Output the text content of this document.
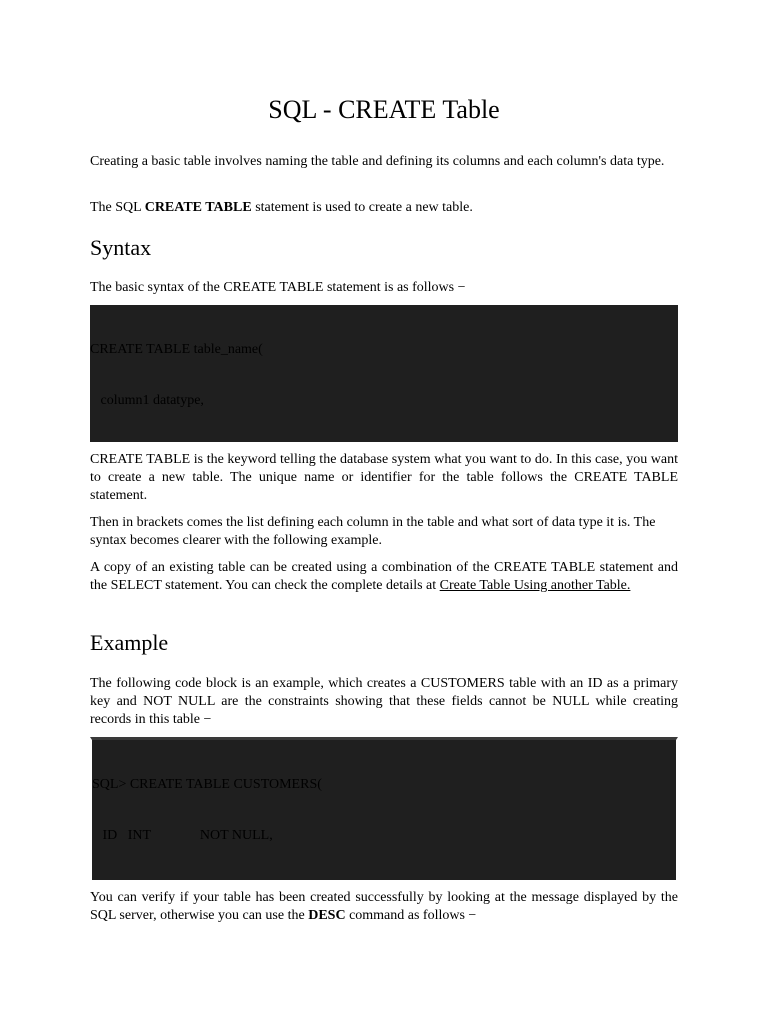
SQL - CREATE Table

Creating a basic table involves naming the table and defining its columns and each column's data type.

The SQL CREATE TABLE statement is used to create a new table.

Syntax

The basic syntax of the CREATE TABLE statement is as follows −

CREATE TABLE table_name(

column1 datatype,

CREATE TABLE is the keyword telling the database system what you want to do. In this case, you want to create a new table. The unique name or identifier for the table follows the CREATE TABLE statement.

Then in brackets comes the list defining each column in the table and what sort of data type it is. The syntax becomes clearer with the following example.

A copy of an existing table can be created using a combination of the CREATE TABLE statement and the SELECT statement. You can check the complete details at Create Table Using another Table.

Example

The following code block is an example, which creates a CUSTOMERS table with an ID as a primary key and NOT NULL are the constraints showing that these fields cannot be NULL while creating records in this table −

SQL> CREATE TABLE CUSTOMERS(

ID   INT              NOT NULL,

You can verify if your table has been created successfully by looking at the message displayed by the SQL server, otherwise you can use the DESC command as follows −
